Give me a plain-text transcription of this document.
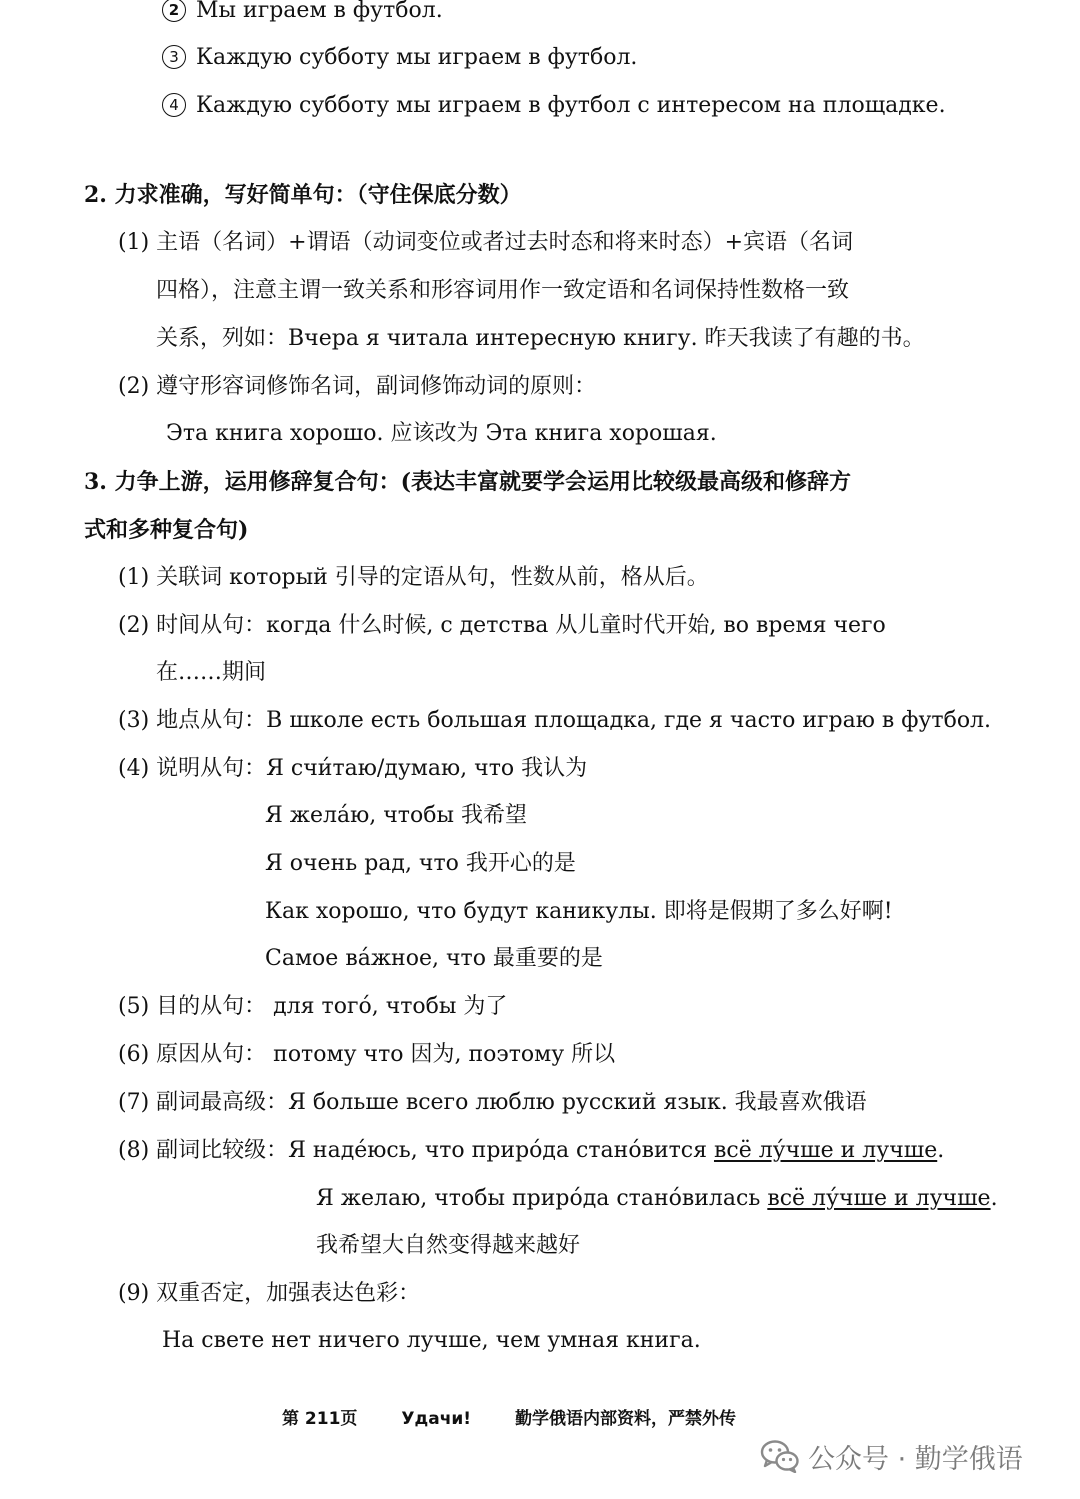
2 Мы играем в футбол.
3 Каждую субботу мы играем в футбол.
4 Каждую субботу мы играем в футбол с интересом на площадке.
2. 力求准确，写好简单句：（守住保底分数）
(1) 主语（名词）+谓语（动词变位或者过去时态和将来时态）+宾语（名词
四格），注意主谓一致关系和形容词用作一致定语和名词保持性数格一致
关系，列如：Вчера я читала интересную книгу. 昨天我读了有趣的书。
(2) 遵守形容词修饰名词，副词修饰动词的原则：
Эта книга хорошо. 应该改为 Эта книга хорошая.
3. 力争上游，运用修辞复合句：(表达丰富就要学会运用比较级最高级和修辞方
式和多种复合句)
(1) 关联词 который 引导的定语从句，性数从前，格从后。
(2) 时间从句：когда 什么时候, с детства 从儿童时代开始, во время чего
在……期间
(3) 地点从句：В школе есть большая площадка, где я часто играю в футбол.
(4) 说明从句：Я счи́таю/думаю, что 我认为
Я жела́ю, чтобы 我希望
Я очень рад, что 我开心的是
Как хорошо, что будут каникулы. 即将是假期了多么好啊!
Самое ва́жное, что 最重要的是
(5) 目的从句： для того́, чтобы 为了
(6) 原因从句： потому что 因为, поэтому 所以
(7) 副词最高级：Я больше всего люблю русский язык. 我最喜欢俄语
(8) 副词比较级：Я наде́юсь, что приро́да стано́вится всё лу́чше и лучше.
Я желаю, чтобы приро́да стано́вилась всё лу́чше и лучше.
我希望大自然变得越来越好
(9) 双重否定，加强表达色彩：
На свете нет ничего лучше, чем умная книга.
第 211页	Удачи!	勤学俄语内部资料，严禁外传
公众号 · 勤学俄语
